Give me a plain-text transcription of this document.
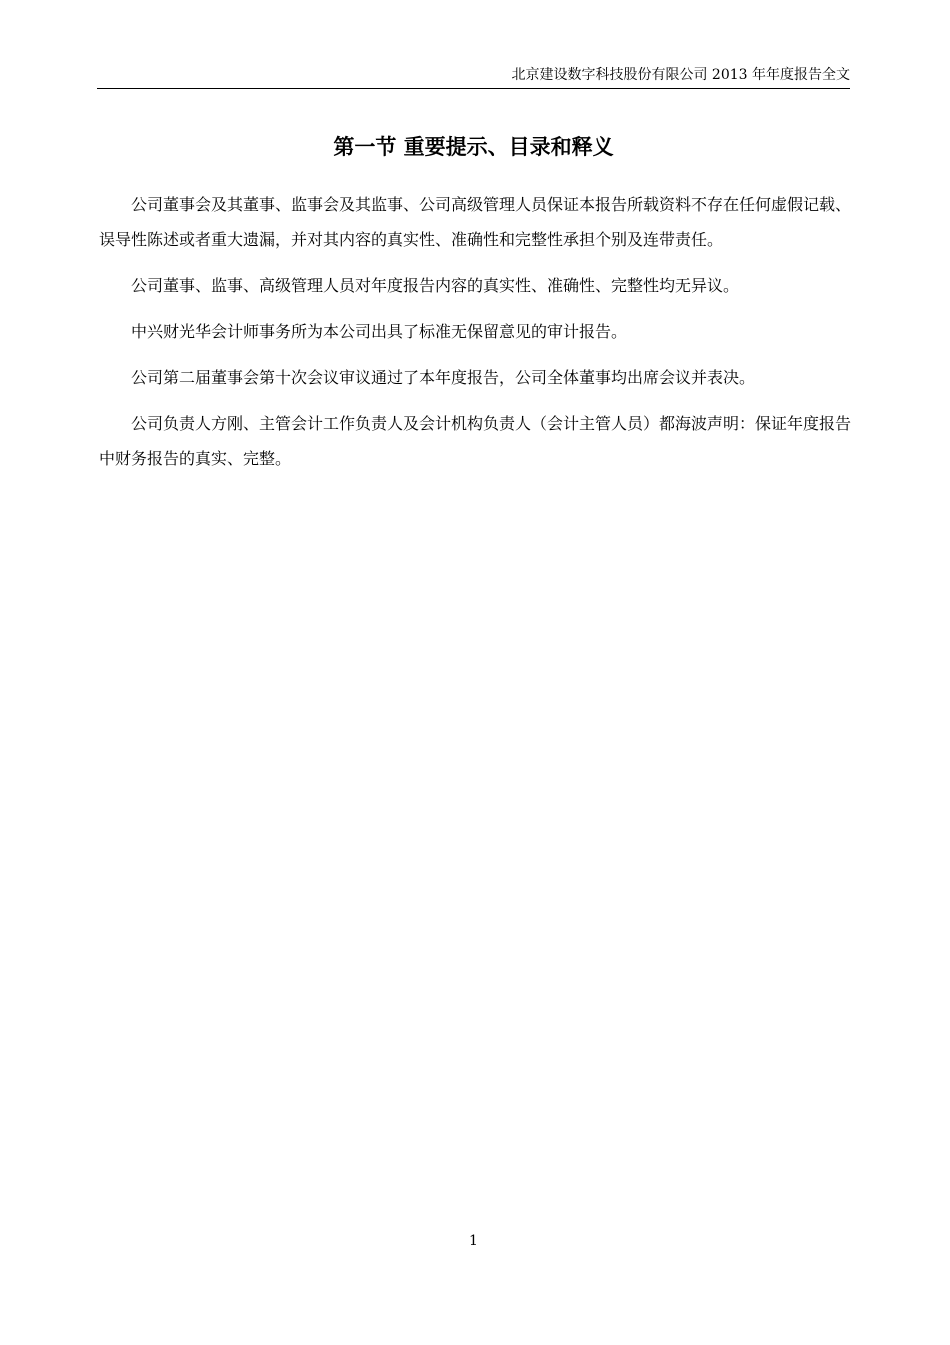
北京建设数字科技股份有限公司 2013 年年度报告全文
第一节 重要提示、目录和释义

公司董事会及其董事、监事会及其监事、公司高级管理人员保证本报告所载资料不存在任何虚假记载、误导性陈述或者重大遗漏，并对其内容的真实性、准确性和完整性承担个别及连带责任。

公司董事、监事、高级管理人员对年度报告内容的真实性、准确性、完整性均无异议。

中兴财光华会计师事务所为本公司出具了标准无保留意见的审计报告。

公司第二届董事会第十次会议审议通过了本年度报告，公司全体董事均出席会议并表决。

公司负责人方刚、主管会计工作负责人及会计机构负责人（会计主管人员）都海波声明：保证年度报告中财务报告的真实、完整。

1
